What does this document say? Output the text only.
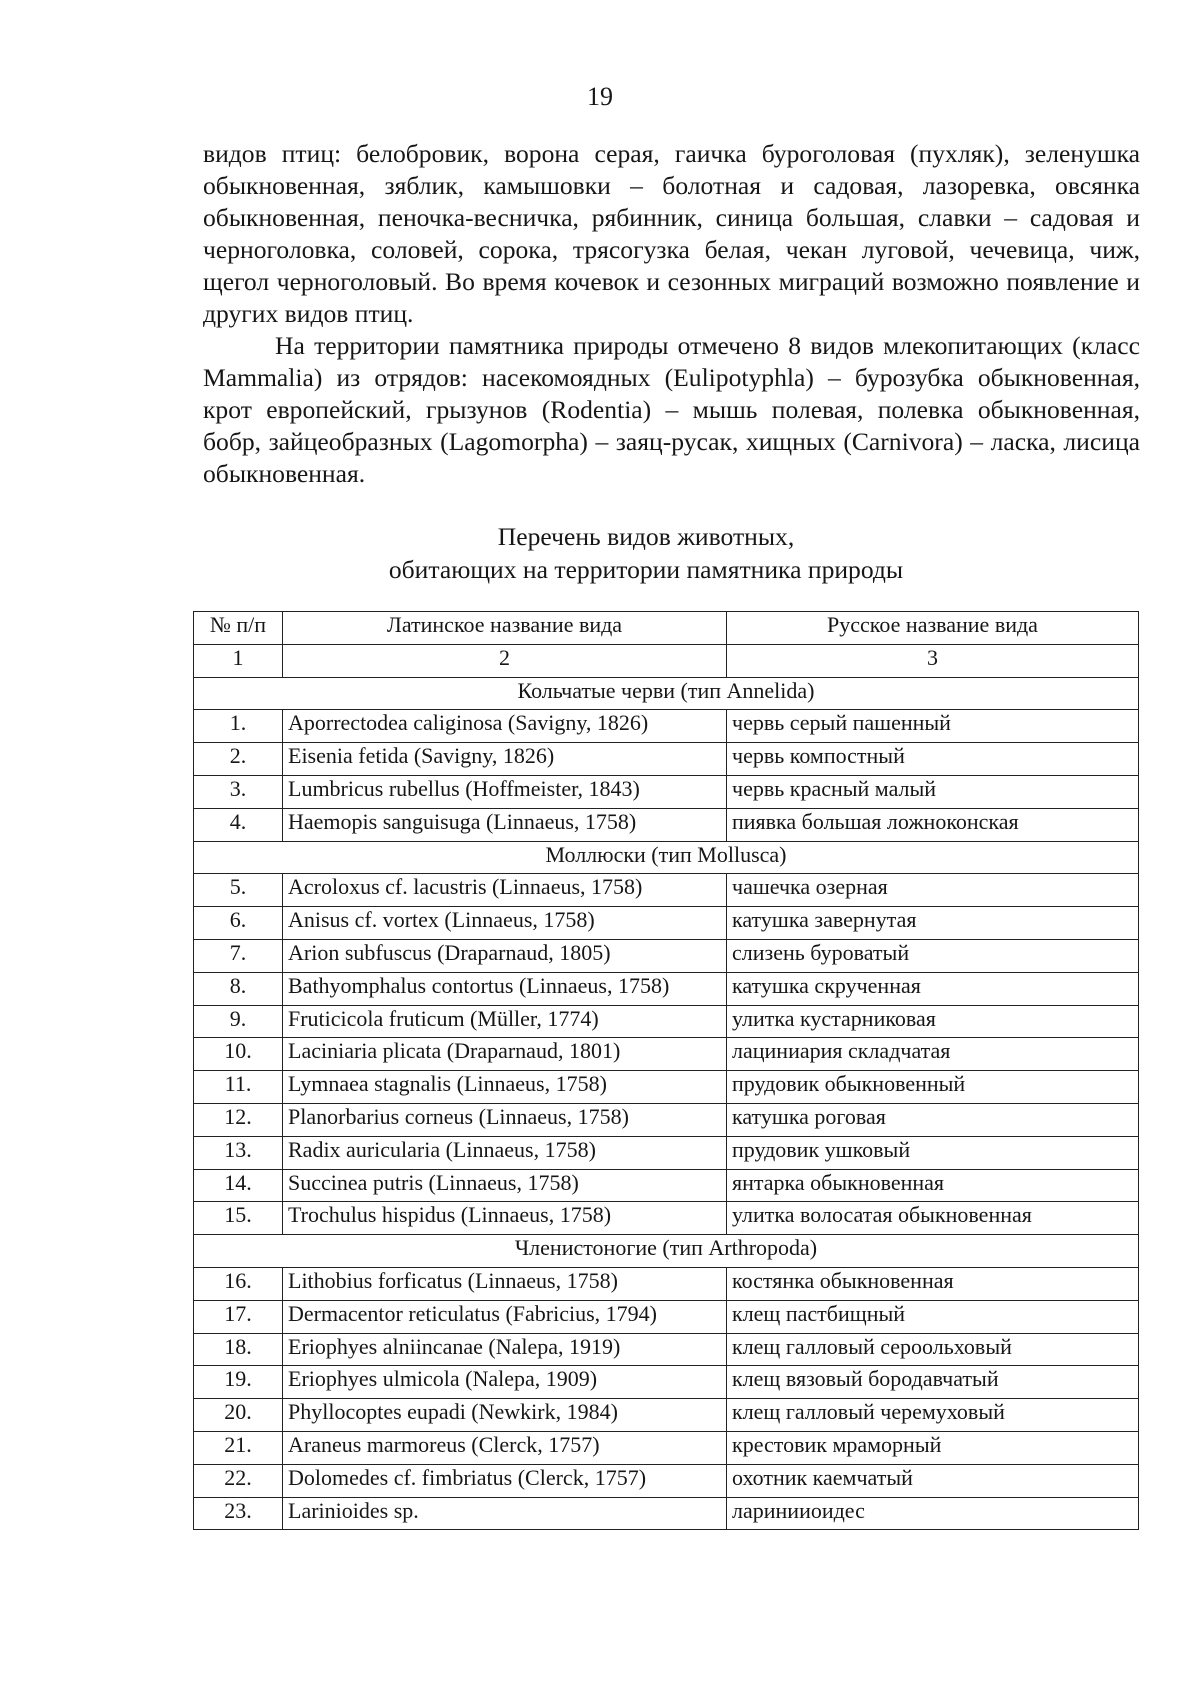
19

видов птиц: белобровик, ворона серая, гаичка буроголовая (пухляк), зеленушка обыкновенная, зяблик, камышовки – болотная и садовая, лазоревка, овсянка обыкновенная, пеночка-весничка, рябинник, синица большая, славки – садовая и черноголовка, соловей, сорока, трясогузка белая, чекан луговой, чечевица, чиж, щегол черноголовый. Во время кочевок и сезонных миграций возможно появление и других видов птиц.

На территории памятника природы отмечено 8 видов млекопитающих (класс Mammalia) из отрядов: насекомоядных (Eulipotyphla) – бурозубка обыкновенная, крот европейский, грызунов (Rodentia) – мышь полевая, полевка обыкновенная, бобр, зайцеобразных (Lagomorpha) – заяц-русак, хищных (Carnivora) – ласка, лисица обыкновенная.

Перечень видов животных,
обитающих на территории памятника природы
№ п/п	Латинское название вида	Русское название вида
1	2	3
Кольчатые черви (тип Annelida)		
1.	Aporrectodea caliginosa (Savigny, 1826)	червь серый пашенный
2.	Eisenia fetida (Savigny, 1826)	червь компостный
3.	Lumbricus rubellus (Hoffmeister, 1843)	червь красный малый
4.	Haemopis sanguisuga (Linnaeus, 1758)	пиявка большая ложноконская
Моллюски (тип Mollusca)		
5.	Acroloxus cf. lacustris (Linnaeus, 1758)	чашечка озерная
6.	Anisus cf. vortex (Linnaeus, 1758)	катушка завернутая
7.	Arion subfuscus (Draparnaud, 1805)	слизень буроватый
8.	Bathyomphalus contortus (Linnaeus, 1758)	катушка скрученная
9.	Fruticicola fruticum (Müller, 1774)	улитка кустарниковая
10.	Laciniaria plicata (Draparnaud, 1801)	лациниария складчатая
11.	Lymnaea stagnalis (Linnaeus, 1758)	прудовик обыкновенный
12.	Planorbarius corneus (Linnaeus, 1758)	катушка роговая
13.	Radix auricularia (Linnaeus, 1758)	прудовик ушковый
14.	Succinea putris (Linnaeus, 1758)	янтарка обыкновенная
15.	Trochulus hispidus (Linnaeus, 1758)	улитка волосатая обыкновенная
Членистоногие (тип Arthropoda)		
16.	Lithobius forficatus (Linnaeus, 1758)	костянка обыкновенная
17.	Dermacentor reticulatus (Fabricius, 1794)	клещ пастбищный
18.	Eriophyes alniincanae (Nalepa, 1919)	клещ галловый сероольховый
19.	Eriophyes ulmicola (Nalepa, 1909)	клещ вязовый бородавчатый
20.	Phyllocoptes eupadi (Newkirk, 1984)	клещ галловый черемуховый
21.	Araneus marmoreus (Clerck, 1757)	крестовик мраморный
22.	Dolomedes cf. fimbriatus (Clerck, 1757)	охотник каемчатый
23.	Larinioides sp.	ларинииоидес
